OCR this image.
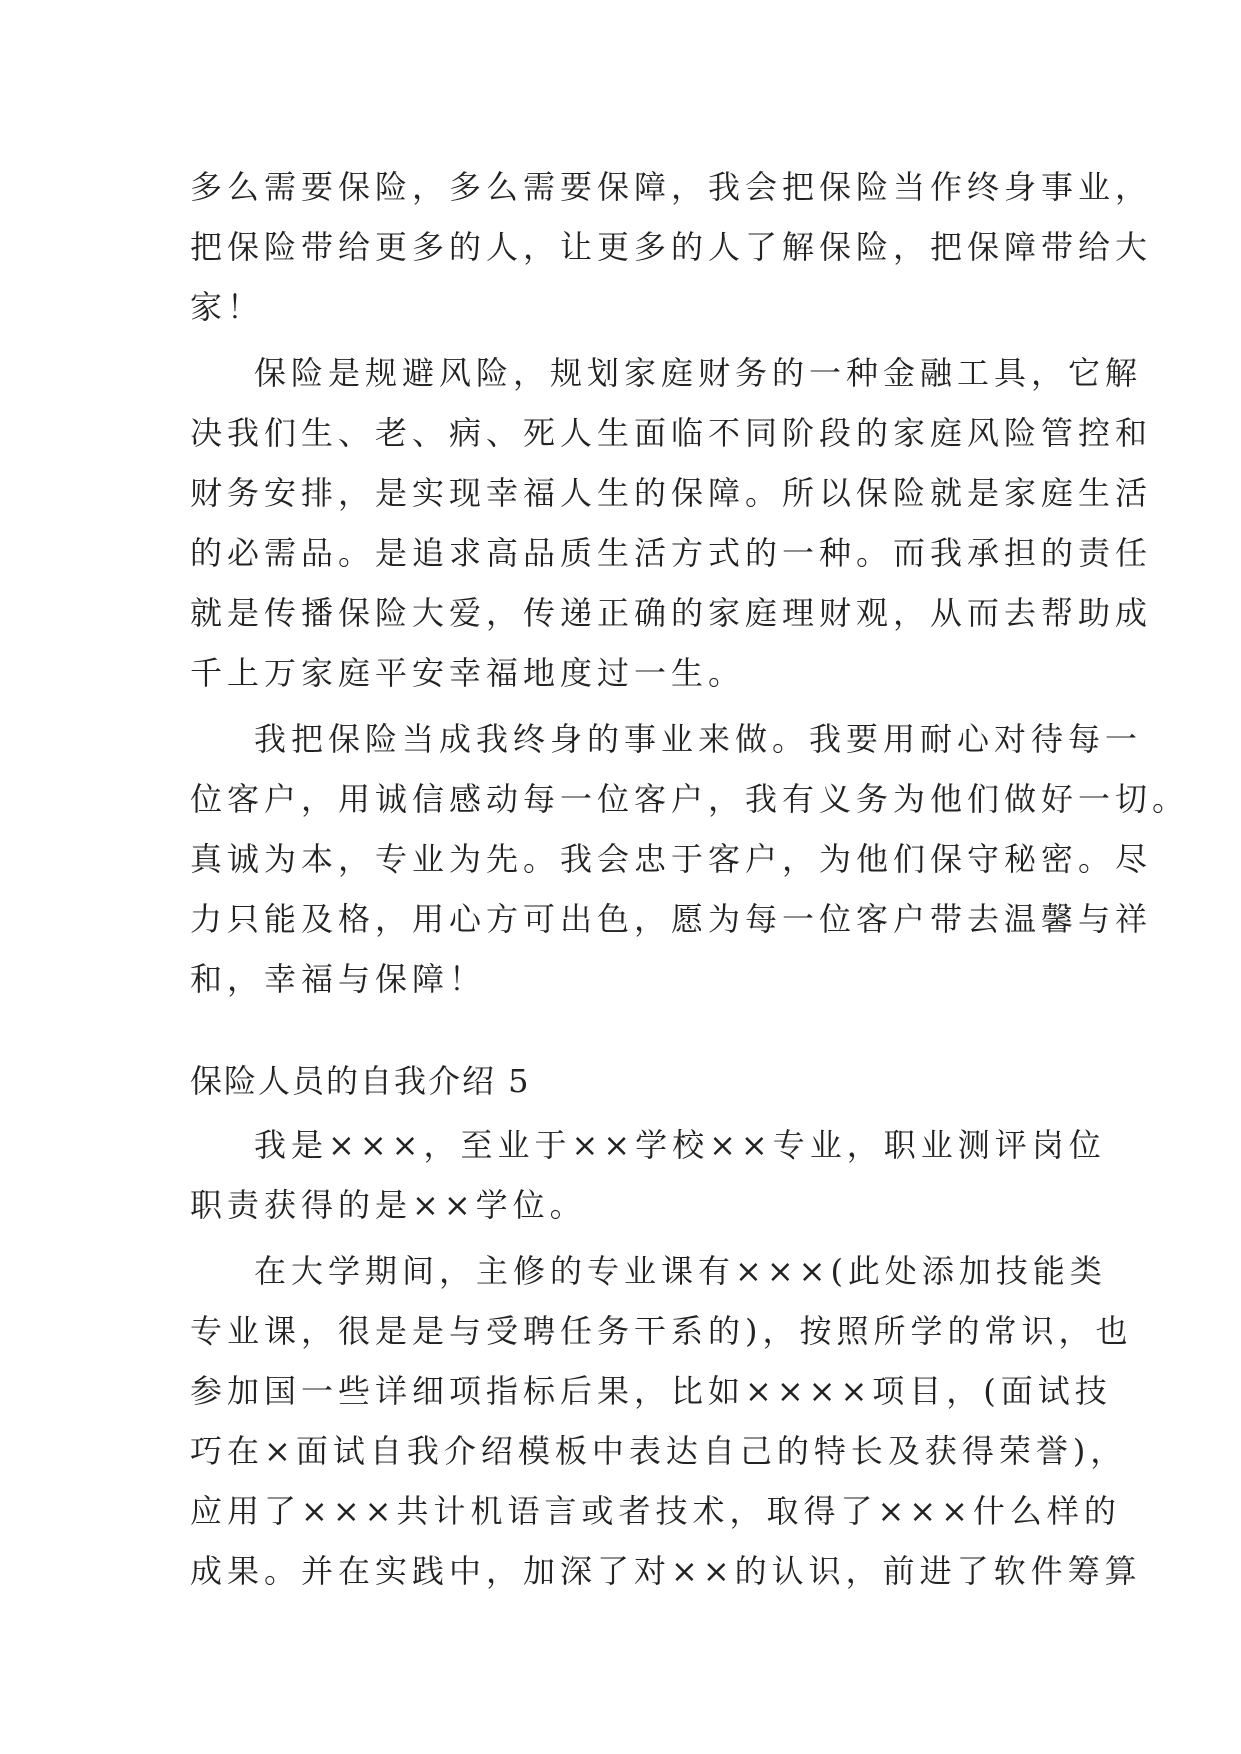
多么需要保险，多么需要保障，我会把保险当作终身事业，
把保险带给更多的人，让更多的人了解保险，把保障带给大
家！
保险是规避风险，规划家庭财务的一种金融工具，它解
决我们生、老、病、死人生面临不同阶段的家庭风险管控和
财务安排，是实现幸福人生的保障。所以保险就是家庭生活
的必需品。是追求高品质生活方式的一种。而我承担的责任
就是传播保险大爱，传递正确的家庭理财观，从而去帮助成
千上万家庭平安幸福地度过一生。
我把保险当成我终身的事业来做。我要用耐心对待每一
位客户，用诚信感动每一位客户，我有义务为他们做好一切。
真诚为本，专业为先。我会忠于客户，为他们保守秘密。尽
力只能及格，用心方可出色，愿为每一位客户带去温馨与祥
和，幸福与保障！
保险人员的自我介绍 5
我是×××，至业于××学校××专业，职业测评岗位
职责获得的是××学位。
在大学期间，主修的专业课有×××(此处添加技能类
专业课，很是是与受聘任务干系的)，按照所学的常识，也
参加国一些详细项指标后果，比如××××项目，(面试技
巧在×面试自我介绍模板中表达自己的特长及获得荣誉)，
应用了×××共计机语言或者技术，取得了×××什么样的
成果。并在实践中，加深了对××的认识，前进了软件筹算
